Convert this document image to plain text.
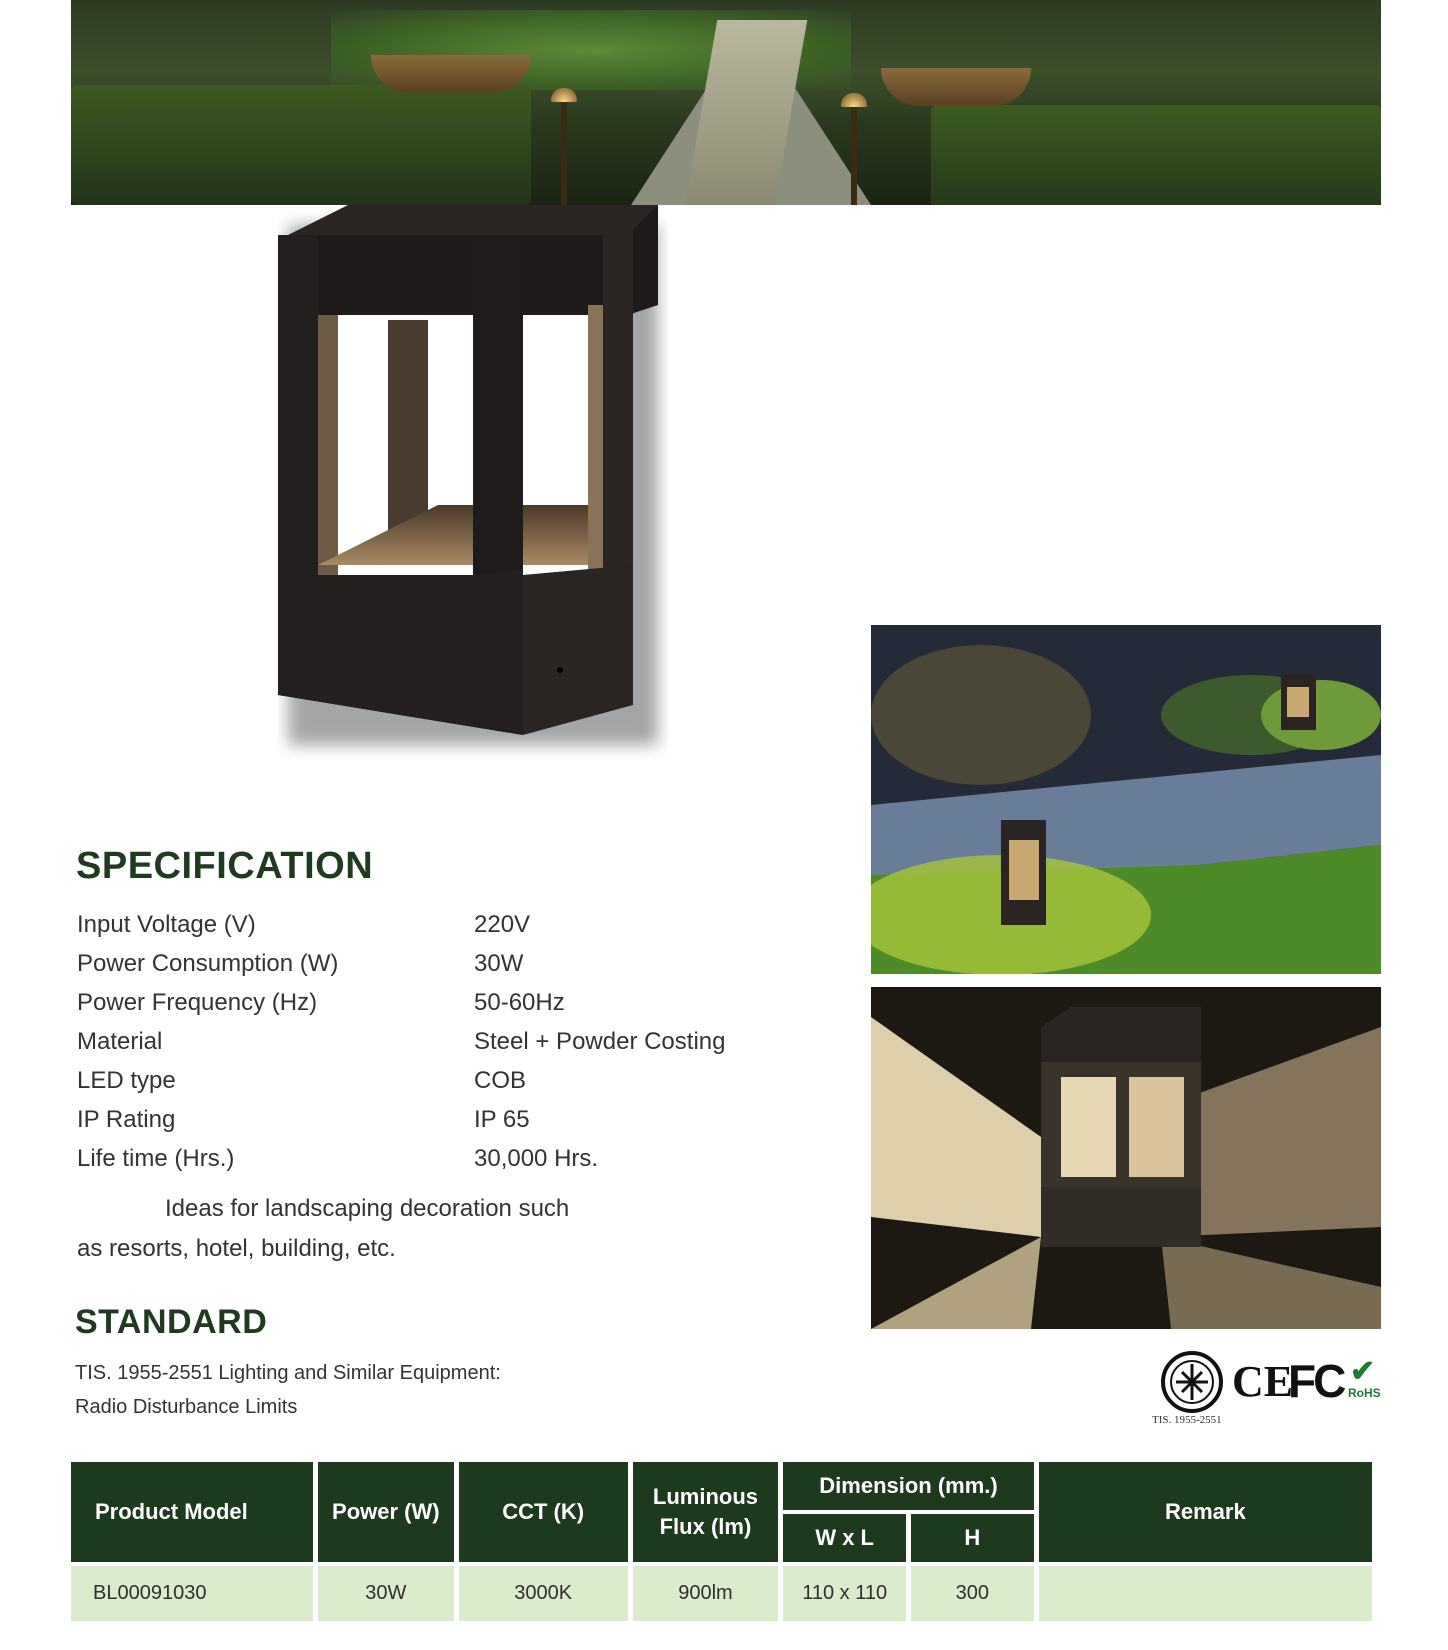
SPECIFICATION
Input Voltage (V)	220V
Power Consumption (W)	30W
Power Frequency (Hz)	50-60Hz
Material	Steel + Powder Costing
LED type	COB
IP Rating	IP 65
Life time (Hrs.)	30,000 Hrs.
Ideas for landscaping decoration such
as resorts, hotel, building, etc.
STANDARD
TIS. 1955-2551 Lighting and Similar Equipment:
Radio Disturbance Limits
CE
FC ✔
RoHS
TIS. 1955-2551
Product Model	Power (W)	CCT (K)	Luminous Flux (lm)	Dimension (mm.)		Remark
				W x L	H	
BL00091030	30W	3000K	900lm	110 x 110	300	
